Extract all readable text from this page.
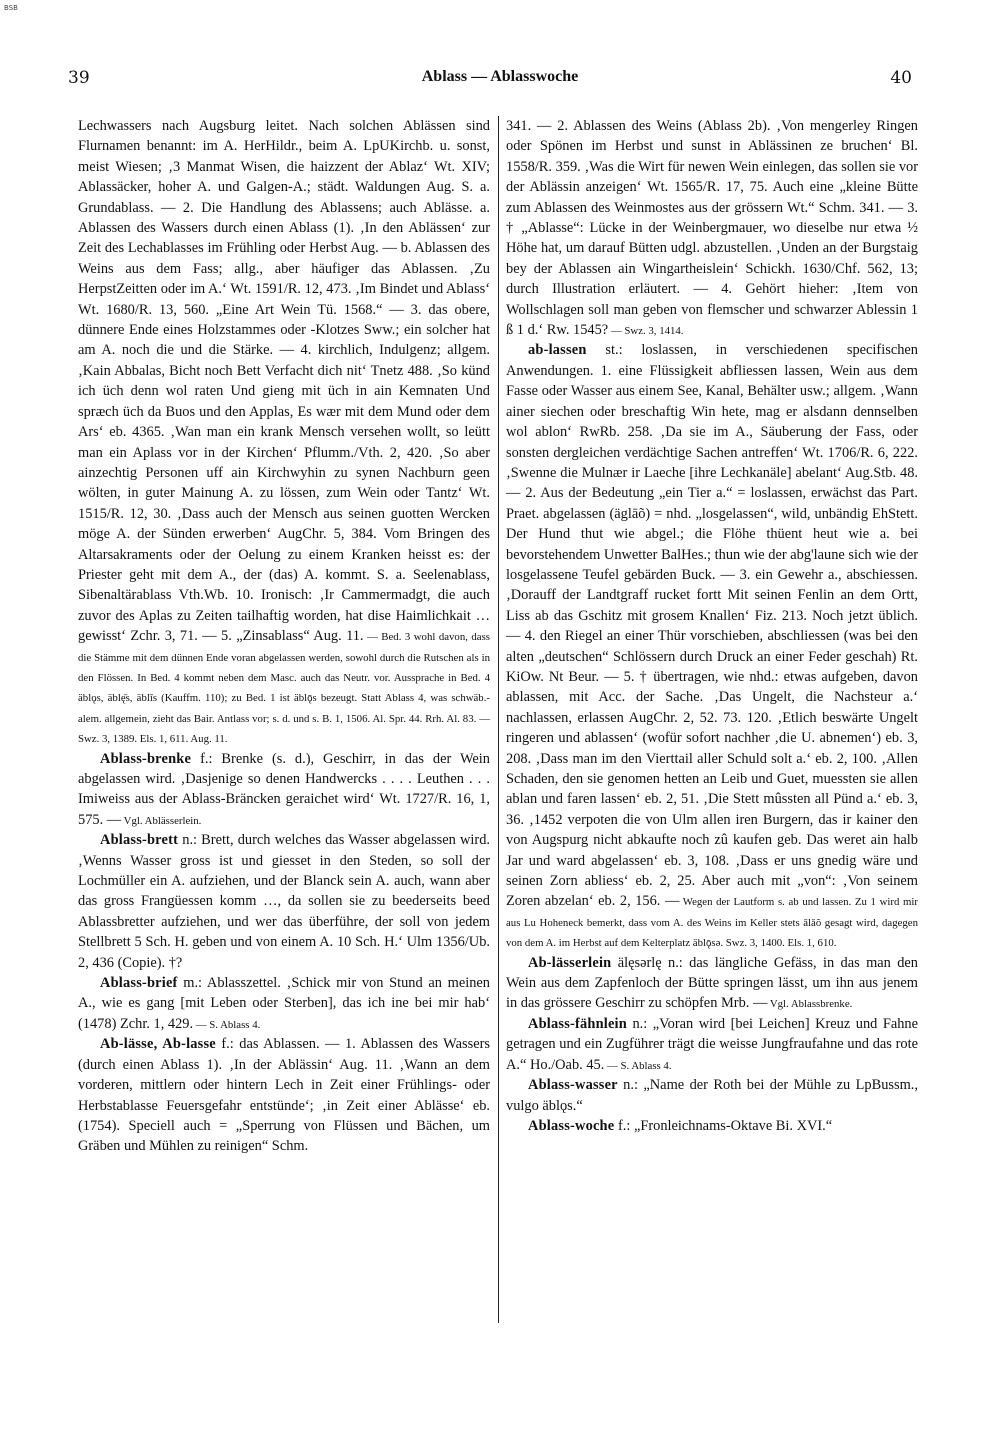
BSB
39	Ablass — Ablasswoche	40

Lechwassers nach Augsburg leitet. Nach solchen Ablässen sind Flurnamen benannt: im A. HerHildr., beim A. LpUKirchb. u. sonst, meist Wiesen; ‚3 Manmat Wisen, die haizzent der Ablaz‘ Wt. XIV; Ablassäcker, hoher A. und Galgen-A.; städt. Waldungen Aug. S. a. Grundablass. — 2. Die Handlung des Ablassens; auch Ablässe. a. Ablassen des Wassers durch einen Ablass (1). ‚In den Ablässen‘ zur Zeit des Lechablasses im Frühling oder Herbst Aug. — b. Ablassen des Weins aus dem Fass; allg., aber häufiger das Ablassen. ‚Zu HerpstZeitten oder im A.‘ Wt. 1591/R. 12, 473. ‚Im Bindet und Ablass‘ Wt. 1680/R. 13, 560. „Eine Art Wein Tü. 1568.“ — 3. das obere, dünnere Ende eines Holzstammes oder -Klotzes Sww.; ein solcher hat am A. noch die und die Stärke. — 4. kirchlich, Indulgenz; allgem. ‚Kain Abbalas, Bicht noch Bett Verfacht dich nit‘ Tnetz 488. ‚So künd ich üch denn wol raten Und gieng mit üch in ain Kemnaten Und spræch üch da Buos und den Applas, Es wær mit dem Mund oder dem Ars‘ eb. 4365. ‚Wan man ein krank Mensch versehen wollt, so leütt man ein Aplass vor in der Kirchen‘ Pflumm./Vth. 2, 420. ‚So aber ainzechtig Personen uff ain Kirchwyhin zu synen Nachburn geen wölten, in guter Mainung A. zu lössen, zum Wein oder Tantz‘ Wt. 1515/R. 12, 30. ‚Dass auch der Mensch aus seinen guotten Wercken möge A. der Sünden erwerben‘ AugChr. 5, 384. Vom Bringen des Altarsakraments oder der Oelung zu einem Kranken heisst es: der Priester geht mit dem A., der (das) A. kommt. S. a. Seelenablass, Sibenaltärablass Vth.Wb. 10. Ironisch: ‚Ir Cammermadgt, die auch zuvor des Aplas zu Zeiten tailhaftig worden, hat dise Haimlichkait … gewisst‘ Zchr. 3, 71. — 5. „Zinsablass“ Aug. 11. — Bed. 3 wohl davon, dass die Stämme mit dem dünnen Ende voran abgelassen werden, sowohl durch die Rutschen als in den Flössen. In Bed. 4 kommt neben dem Masc. auch das Neutr. vor. Aussprache in Bed. 4 äblǫs, äblę̄s, äblīs (Kauffm. 110); zu Bed. 1 ist äblǭs bezeugt. Statt Ablass 4, was schwäb.-alem. allgemein, zieht das Bair. Antlass vor; s. d. und s. B. 1, 1506. Al. Spr. 44. Rrh. Al. 83. — Swz. 3, 1389. Els. 1, 611. Aug. 11.

Ablass-brenke f.: Brenke (s. d.), Geschirr, in das der Wein abgelassen wird. ‚Dasjenige so denen Handwercks . . . . Leuthen . . . Imiweiss aus der Ablass-Bräncken geraichet wird‘ Wt. 1727/R. 16, 1, 575. — Vgl. Ablässerlein.

Ablass-brett n.: Brett, durch welches das Wasser abgelassen wird. ‚Wenns Wasser gross ist und giesset in den Steden, so soll der Lochmüller ein A. aufziehen, und der Blanck sein A. auch, wann aber das gross Frangüessen komm …, da sollen sie zu beederseits beed Ablassbretter aufziehen, und wer das überführe, der soll von jedem Stellbrett 5 Sch. H. geben und von einem A. 10 Sch. H.‘ Ulm 1356/Ub. 2, 436 (Copie). †?

Ablass-brief m.: Ablasszettel. ‚Schick mir von Stund an meinen A., wie es gang [mit Leben oder Sterben], das ich ine bei mir hab‘ (1478) Zchr. 1, 429. — S. Ablass 4.

Ab-lässe, Ab-lasse f.: das Ablassen. — 1. Ablassen des Wassers (durch einen Ablass 1). ‚In der Ablässin‘ Aug. 11. ‚Wann an dem vorderen, mittlern oder hintern Lech in Zeit einer Frühlings- oder Herbstablasse Feuersgefahr entstünde‘; ‚in Zeit einer Ablässe‘ eb. (1754). Speciell auch = „Sperrung von Flüssen und Bächen, um Gräben und Mühlen zu reinigen“ Schm.

341. — 2. Ablassen des Weins (Ablass 2b). ‚Von mengerley Ringen oder Spönen im Herbst und sunst in Ablässinen ze bruchen‘ Bl. 1558/R. 359. ‚Was die Wirt für newen Wein einlegen, das sollen sie vor der Ablässin anzeigen‘ Wt. 1565/R. 17, 75. Auch eine „kleine Bütte zum Ablassen des Weinmostes aus der grössern Wt.“ Schm. 341. — 3. † „Ablasse“: Lücke in der Weinbergmauer, wo dieselbe nur etwa ½ Höhe hat, um darauf Bütten udgl. abzustellen. ‚Unden an der Burgstaig bey der Ablassen ain Wingartheislein‘ Schickh. 1630/Chf. 562, 13; durch Illustration erläutert. — 4. Gehört hieher: ‚Item von Wollschlagen soll man geben von flemscher und schwarzer Ablessin 1 ß 1 d.‘ Rw. 1545? — Swz. 3, 1414.

ab-lassen st.: loslassen, in verschiedenen specifischen Anwendungen. 1. eine Flüssigkeit abfliessen lassen, Wein aus dem Fasse oder Wasser aus einem See, Kanal, Behälter usw.; allgem. ‚Wann ainer siechen oder breschaftig Win hete, mag er alsdann dennselben wol ablon‘ RwRb. 258. ‚Da sie im A., Säuberung der Fass, oder sonsten dergleichen verdächtige Sachen antreffen‘ Wt. 1706/R. 6, 222. ‚Swenne die Mulnær ir Laeche [ihre Lechkanäle] abelant‘ Aug.Stb. 48. — 2. Aus der Bedeutung „ein Tier a.“ = loslassen, erwächst das Part. Praet. abgelassen (äglāõ) = nhd. „losgelassen“, wild, unbändig EhStett. Der Hund thut wie abgel.; die Flöhe thüent heut wie a. bei bevorstehendem Unwetter BalHes.; thun wie der abg'laune sich wie der losgelassene Teufel gebärden Buck. — 3. ein Gewehr a., abschiessen. ‚Dorauff der Landtgraff rucket fortt Mit seinen Fenlin an dem Ortt, Liss ab das Gschitz mit grosem Knallen‘ Fiz. 213. Noch jetzt üblich. — 4. den Riegel an einer Thür vorschieben, abschliessen (was bei den alten „deutschen“ Schlössern durch Druck an einer Feder geschah) Rt. KiOw. Nt Beur. — 5. † übertragen, wie nhd.: etwas aufgeben, davon ablassen, mit Acc. der Sache. ‚Das Ungelt, die Nachsteur a.‘ nachlassen, erlassen AugChr. 2, 52. 73. 120. ‚Etlich beswärte Ungelt ringeren und ablassen‘ (wofür sofort nachher ‚die U. abnemen‘) eb. 3, 208. ‚Dass man im den Vierttail aller Schuld solt a.‘ eb. 2, 100. ‚Allen Schaden, den sie genomen hetten an Leib und Guet, muessten sie allen ablan und faren lassen‘ eb. 2, 51. ‚Die Stett mûssten all Pünd a.‘ eb. 3, 36. ‚1452 verpoten die von Ulm allen iren Burgern, das ir kainer den von Augspurg nicht abkaufte noch zû kaufen geb. Das weret ain halb Jar und ward abgelassen‘ eb. 3, 108. ‚Dass er uns gnedig wäre und seinen Zorn abliess‘ eb. 2, 25. Aber auch mit „von“: ‚Von seinem Zoren abzelan‘ eb. 2, 156. — Wegen der Lautform s. ab und lassen. Zu 1 wird mir aus Lu Hoheneck bemerkt, dass vom A. des Weins im Keller stets ālāõ gesagt wird, dagegen von dem A. im Herbst auf dem Kelterplatz äblǭsə. Swz. 3, 1400. Els. 1, 610.

Ab-lässerlein älęsərlę n.: das längliche Gefäss, in das man den Wein aus dem Zapfenloch der Bütte springen lässt, um ihn aus jenem in das grössere Geschirr zu schöpfen Mrb. — Vgl. Ablassbrenke.

Ablass-fähnlein n.: „Voran wird [bei Leichen] Kreuz und Fahne getragen und ein Zugführer trägt die weisse Jungfraufahne und das rote A.“ Ho./Oab. 45. — S. Ablass 4.

Ablass-wasser n.: „Name der Roth bei der Mühle zu LpBussm., vulgo äblǫs.“

Ablass-woche f.: „Fronleichnams-Oktave Bi. XVI.“
